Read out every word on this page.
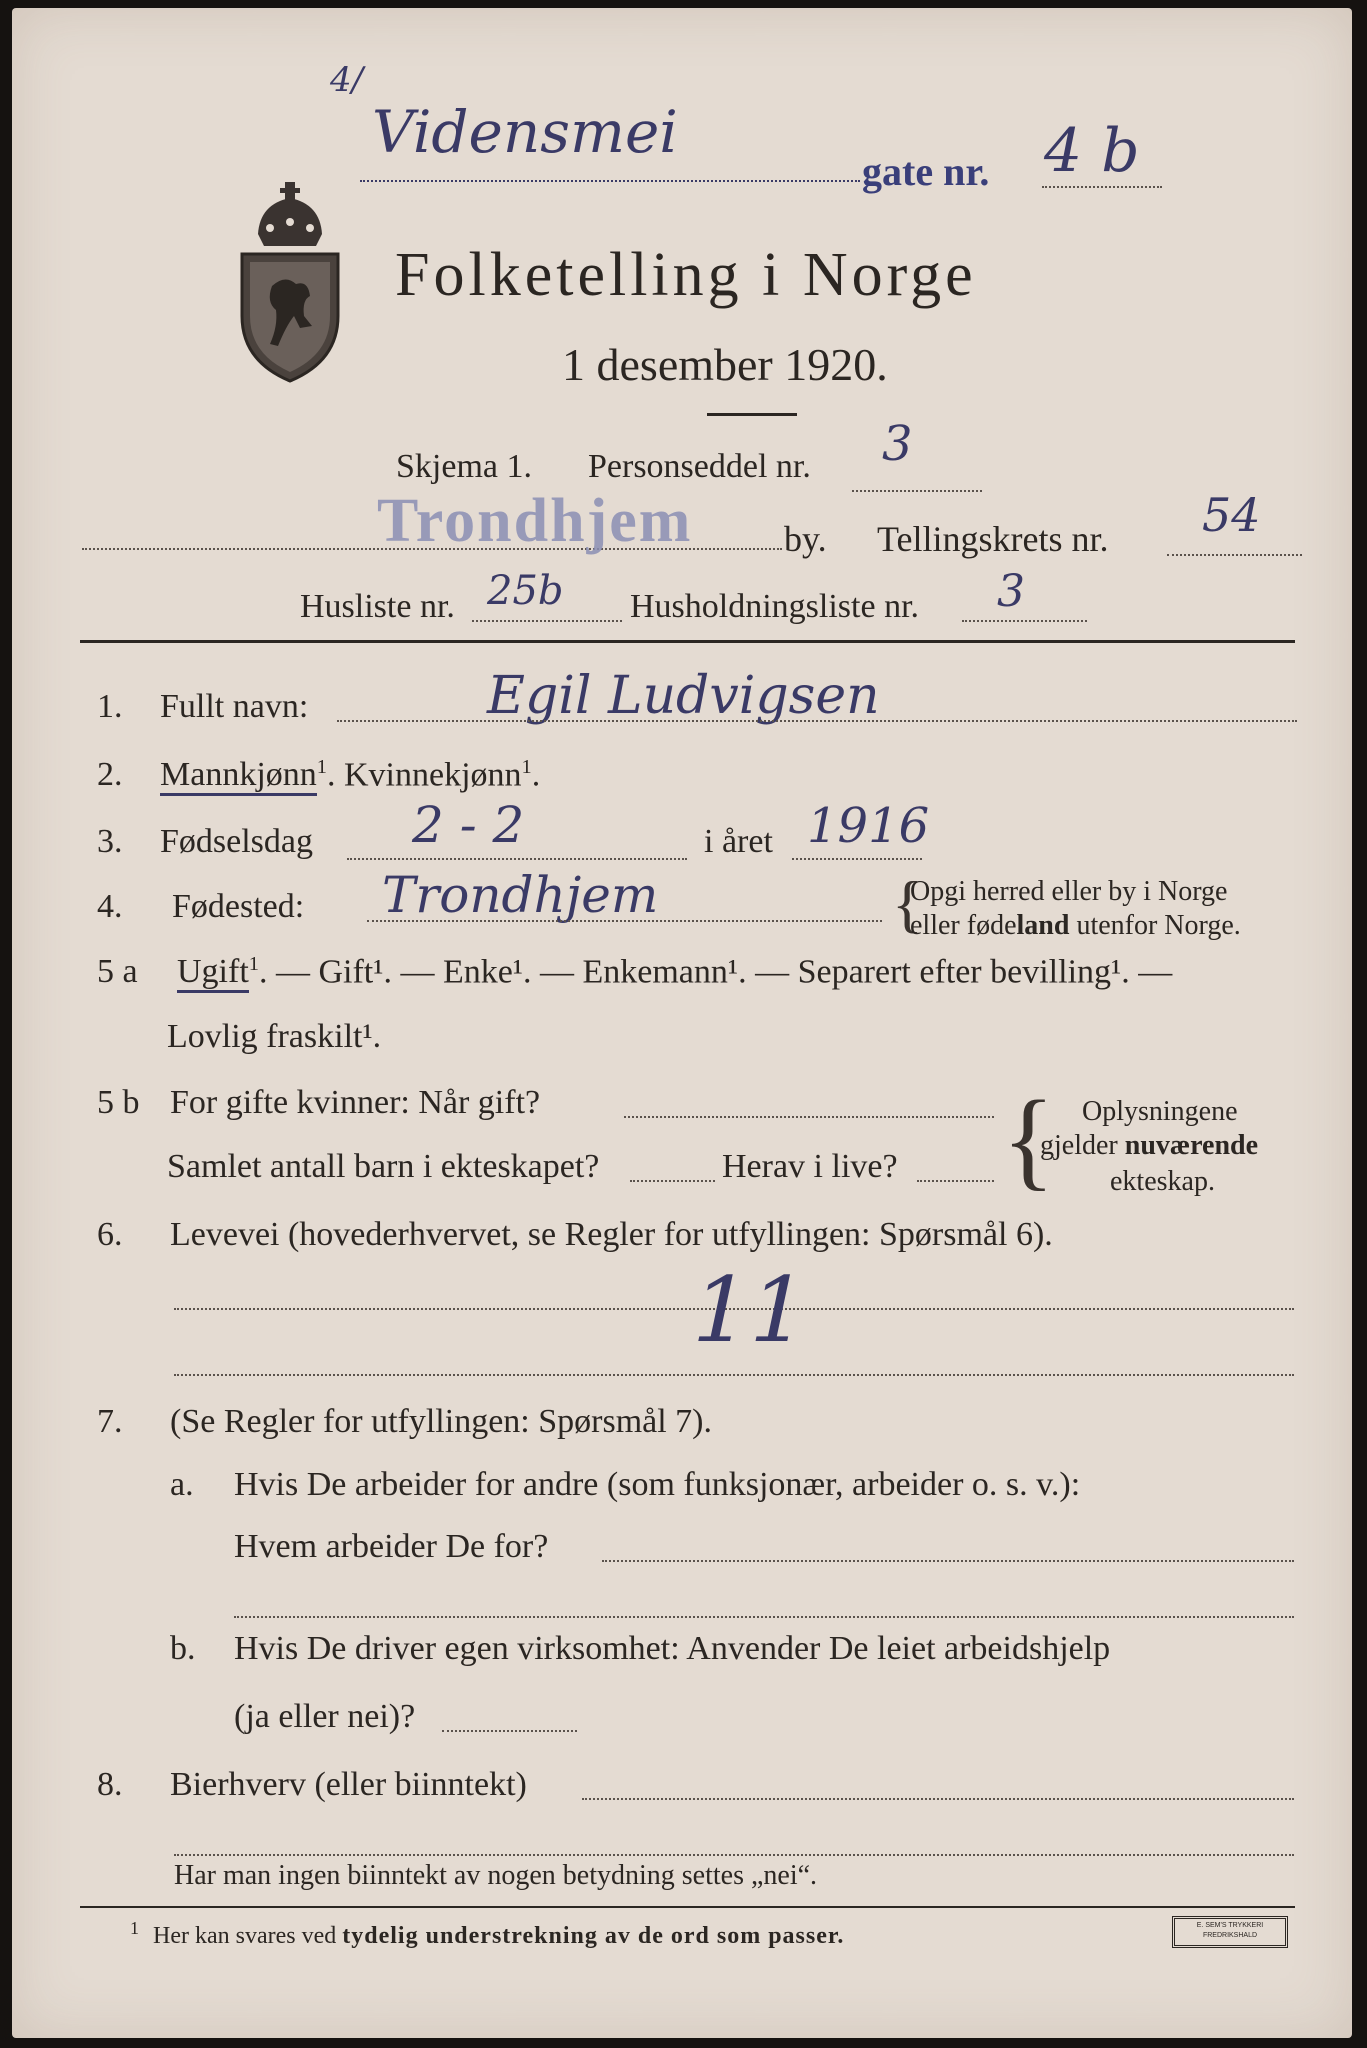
4/
Vidensmei
gate nr. 4 b
Folketelling i Norge
1 desember 1920.
Skjema 1. Personseddel nr. 3
Trondhjem	by. Tellingskrets nr. 54
Husliste nr. 25b Husholdningsliste nr. 3
1. Fullt navn:	Egil Ludvigsen
2. Mannkjønn$^1$. Kvinnekjønn$^1$.
3. Fødselsdag 2 - 2	i året 1916
4. Fødested: Trondhjem	{
Opgi herred eller by i Norge
eller fødeland utenfor Norge.
5 a Ugift$^1$. — Gift¹. — Enke¹. — Enkemann¹. — Separert efter bevilling¹. —
Lovlig fraskilt¹.
5 b For gifte kvinner: Når gift?
Samlet antall barn i ekteskapet?	Herav i live? { Oplysningene
gjelder nuværende
ekteskap.
6. Levevei (hovederhvervet, se Regler for utfyllingen: Spørsmål 6).
11
7. (Se Regler for utfyllingen: Spørsmål 7).
a. Hvis De arbeider for andre (som funksjonær, arbeider o. s. v.):
Hvem arbeider De for?
b. Hvis De driver egen virksomhet: Anvender De leiet arbeidshjelp
(ja eller nei)?
8. Bierhverv (eller biinntekt)
Har man ingen biinntekt av nogen betydning settes „nei“.
$^1$ Her kan svares ved tydelig understrekning av de ord som passer.	E. SEM'S TRYKKERI
FREDRIKSHALD
